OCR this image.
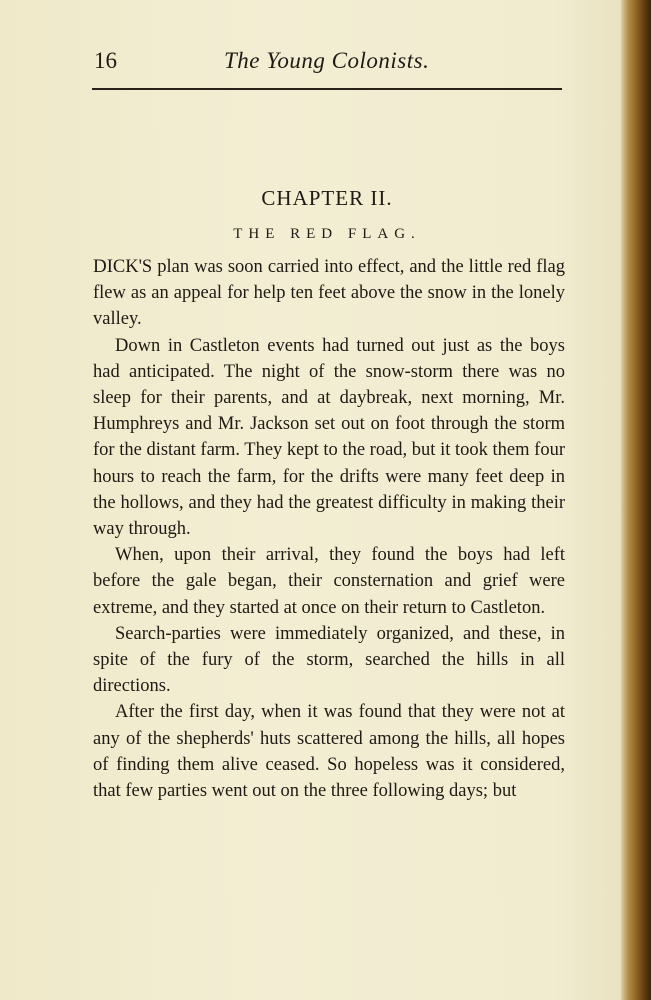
16	The Young Colonists.
CHAPTER II.
THE RED FLAG.

DICK'S plan was soon carried into effect, and the little red flag flew as an appeal for help ten feet above the snow in the lonely valley.

Down in Castleton events had turned out just as the boys had anticipated. The night of the snow-storm there was no sleep for their parents, and at daybreak, next morning, Mr. Humphreys and Mr. Jackson set out on foot through the storm for the distant farm. They kept to the road, but it took them four hours to reach the farm, for the drifts were many feet deep in the hollows, and they had the greatest difficulty in making their way through.

When, upon their arrival, they found the boys had left before the gale began, their consternation and grief were extreme, and they started at once on their return to Castleton.

Search-parties were immediately organized, and these, in spite of the fury of the storm, searched the hills in all directions.

After the first day, when it was found that they were not at any of the shepherds' huts scattered among the hills, all hopes of finding them alive ceased. So hopeless was it considered, that few parties went out on the three following days; but
